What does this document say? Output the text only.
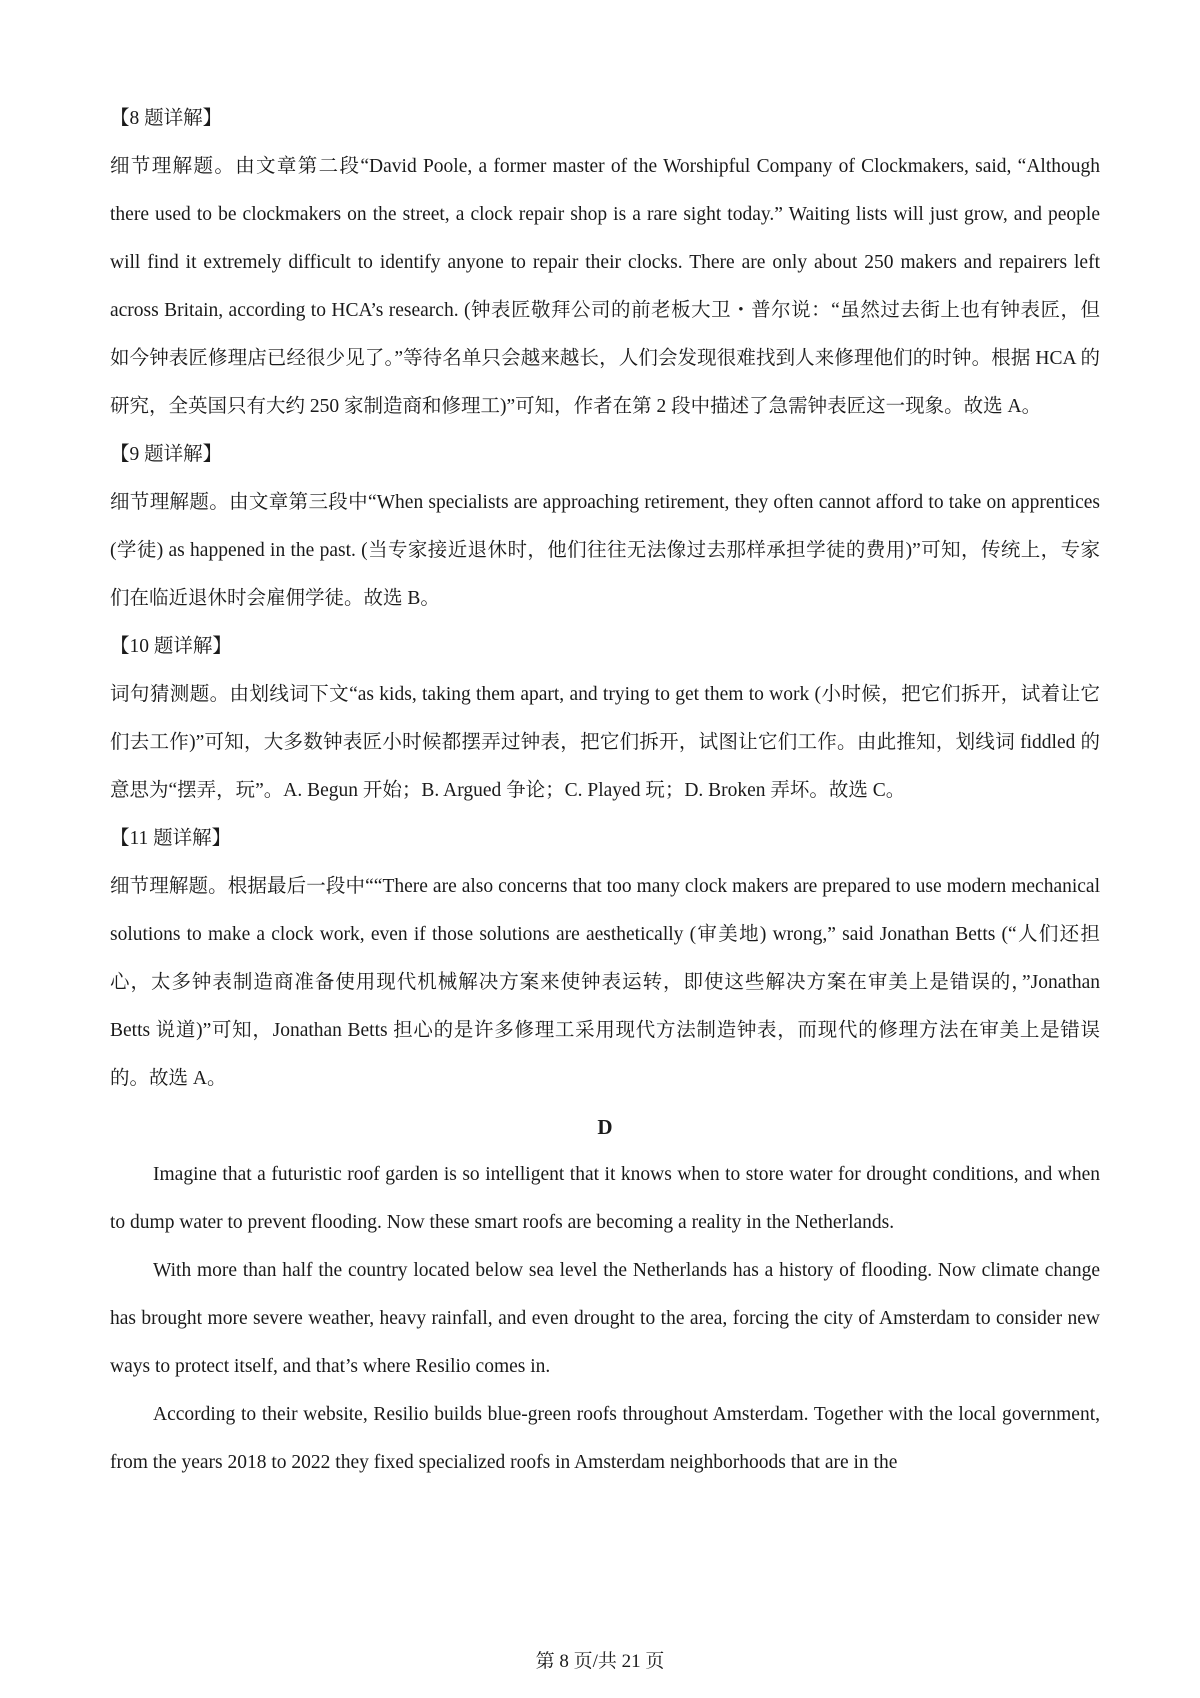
【8 题详解】

细节理解题。由文章第二段“David Poole, a former master of the Worshipful Company of Clockmakers, said, “Although there used to be clockmakers on the street, a clock repair shop is a rare sight today.” Waiting lists will just grow, and people will find it extremely difficult to identify anyone to repair their clocks. There are only about 250 makers and repairers left across Britain, according to HCA’s research. (钟表匠敬拜公司的前老板大卫・普尔说：“虽然过去街上也有钟表匠，但如今钟表匠修理店已经很少见了。”等待名单只会越来越长，人们会发现很难找到人来修理他们的时钟。根据 HCA 的研究，全英国只有大约 250 家制造商和修理工)”可知，作者在第 2 段中描述了急需钟表匠这一现象。故选 A。

【9 题详解】

细节理解题。由文章第三段中“When specialists are approaching retirement, they often cannot afford to take on apprentices (学徒) as happened in the past. (当专家接近退休时，他们往往无法像过去那样承担学徒的费用)”可知，传统上，专家们在临近退休时会雇佣学徒。故选 B。

【10 题详解】

词句猜测题。由划线词下文“as kids, taking them apart, and trying to get them to work (小时候，把它们拆开，试着让它们去工作)”可知，大多数钟表匠小时候都摆弄过钟表，把它们拆开，试图让它们工作。由此推知，划线词 fiddled 的意思为“摆弄，玩”。A. Begun 开始；B. Argued 争论；C. Played 玩；D. Broken 弄坏。故选 C。

【11 题详解】

细节理解题。根据最后一段中““There are also concerns that too many clock makers are prepared to use modern mechanical solutions to make a clock work, even if those solutions are aesthetically (审美地) wrong,” said Jonathan Betts (“人们还担心，太多钟表制造商准备使用现代机械解决方案来使钟表运转，即使这些解决方案在审美上是错误的，”Jonathan Betts 说道)”可知，Jonathan Betts 担心的是许多修理工采用现代方法制造钟表，而现代的修理方法在审美上是错误的。故选 A。

D

Imagine that a futuristic roof garden is so intelligent that it knows when to store water for drought conditions, and when to dump water to prevent flooding. Now these smart roofs are becoming a reality in the Netherlands.

With more than half the country located below sea level the Netherlands has a history of flooding. Now climate change has brought more severe weather, heavy rainfall, and even drought to the area, forcing the city of Amsterdam to consider new ways to protect itself, and that’s where Resilio comes in.

According to their website, Resilio builds blue-green roofs throughout Amsterdam. Together with the local government, from the years 2018 to 2022 they fixed specialized roofs in Amsterdam neighborhoods that are in the

第 8 页/共 21 页
